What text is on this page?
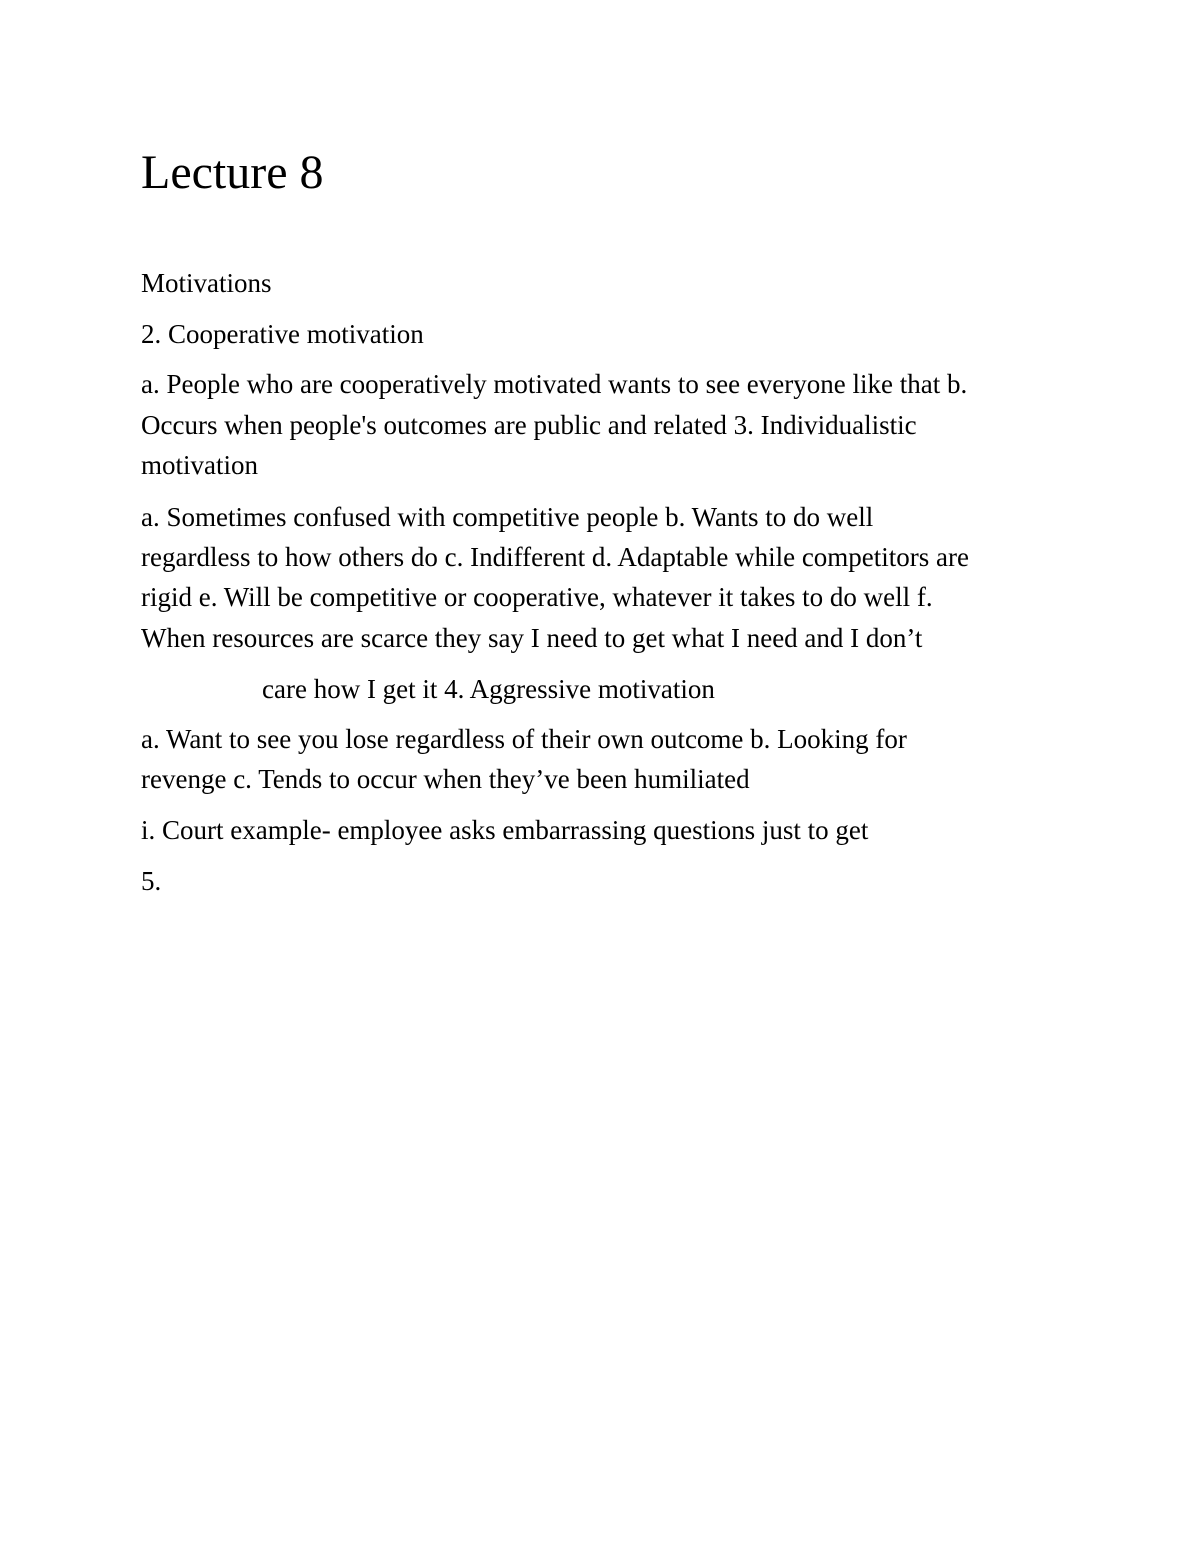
Lecture 8

Motivations

2. Cooperative motivation

a. People who are cooperatively motivated wants to see everyone like that b.

Occurs when people's outcomes are public and related 3. Individualistic

motivation

a. Sometimes confused with competitive people b. Wants to do well

regardless to how others do c. Indifferent d. Adaptable while competitors are

rigid e. Will be competitive or cooperative, whatever it takes to do well f.

When resources are scarce they say I need to get what I need and I don’t

care how I get it 4. Aggressive motivation

a. Want to see you lose regardless of their own outcome b. Looking for

revenge c. Tends to occur when they’ve been humiliated

i. Court example- employee asks embarrassing questions just to get

5.
